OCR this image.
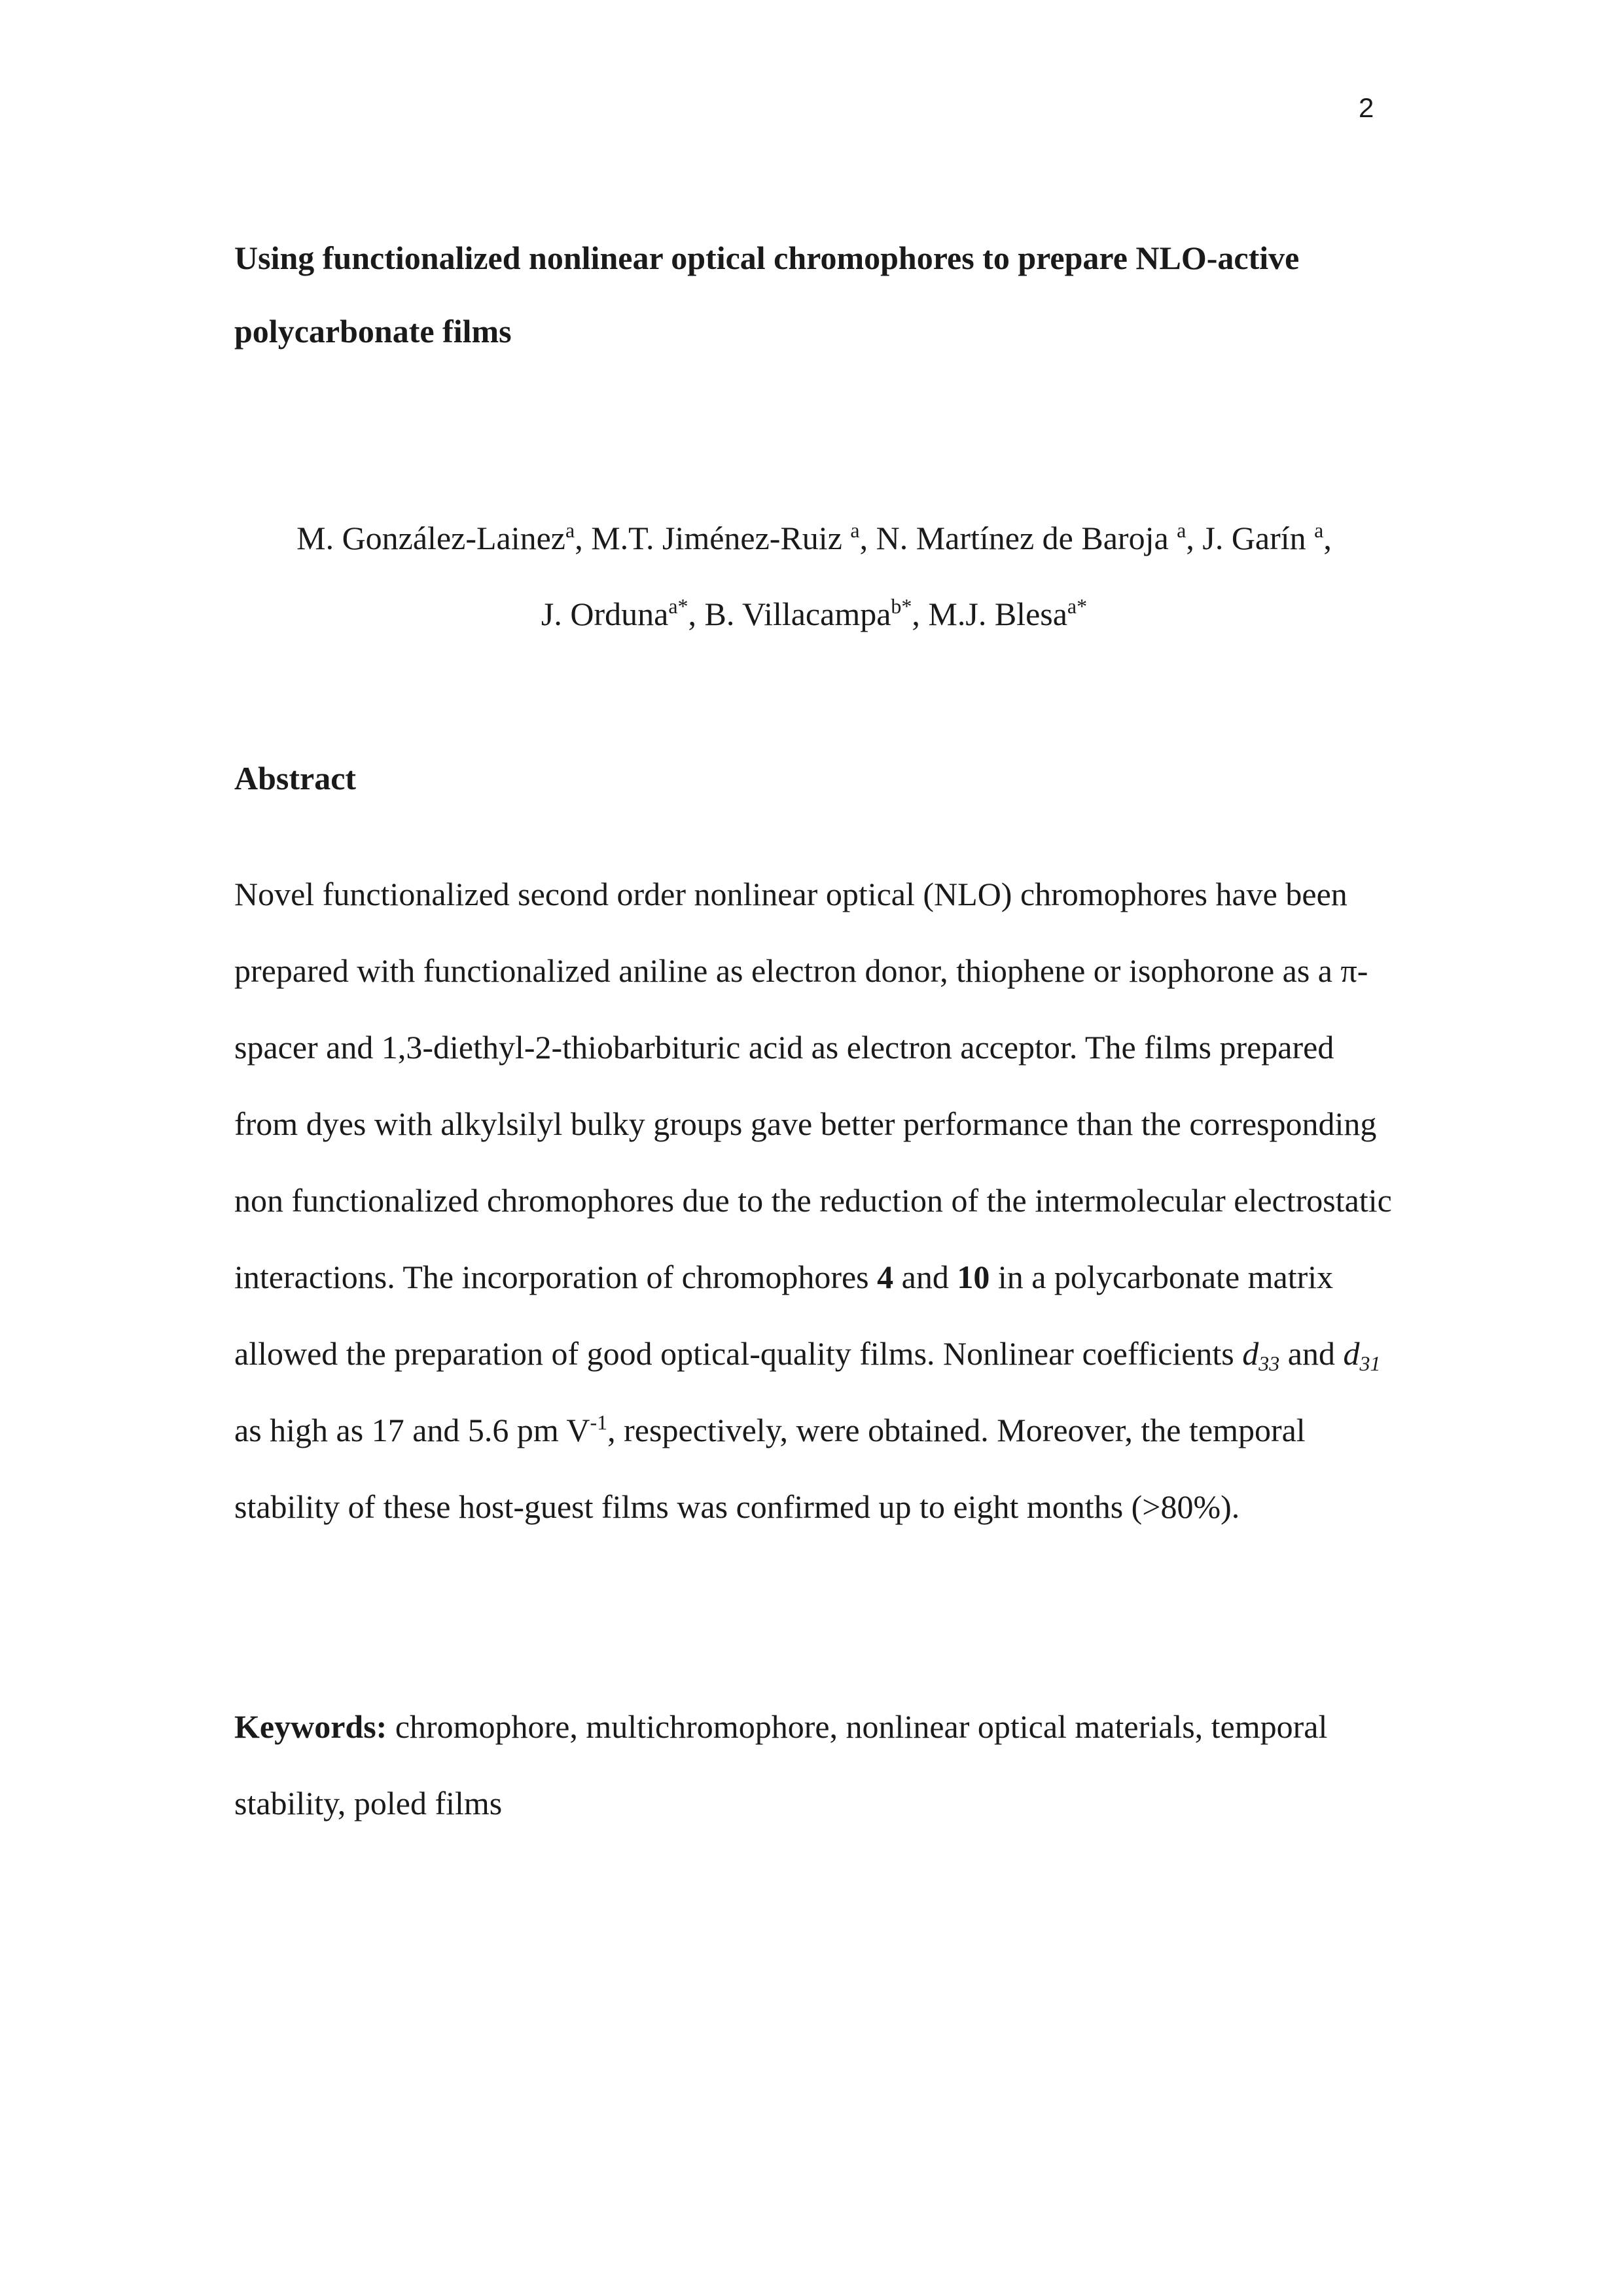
2
Using functionalized nonlinear optical chromophores to prepare NLO-active
polycarbonate films
M. González-Lainez$^a$, M.T. Jiménez-Ruiz $^a$, N. Martínez de Baroja $^a$, J. Garín $^a$,
J. Orduna$^{a*}$, B. Villacampa$^{b*}$, M.J. Blesa$^{a*}$
Abstract
Novel functionalized second order nonlinear optical (NLO) chromophores have been
prepared with functionalized aniline as electron donor, thiophene or isophorone as a π-
spacer and 1,3-diethyl-2-thiobarbituric acid as electron acceptor. The films prepared
from dyes with alkylsilyl bulky groups gave better performance than the corresponding
non functionalized chromophores due to the reduction of the intermolecular electrostatic
interactions. The incorporation of chromophores 4 and 10 in a polycarbonate matrix
allowed the preparation of good optical-quality films. Nonlinear coefficients $d_{33}$ and $d_{31}$
as high as 17 and 5.6 pm $V^{-1}$, respectively, were obtained. Moreover, the temporal
stability of these host-guest films was confirmed up to eight months (>80%).
Keywords: chromophore, multichromophore, nonlinear optical materials, temporal
stability, poled films
